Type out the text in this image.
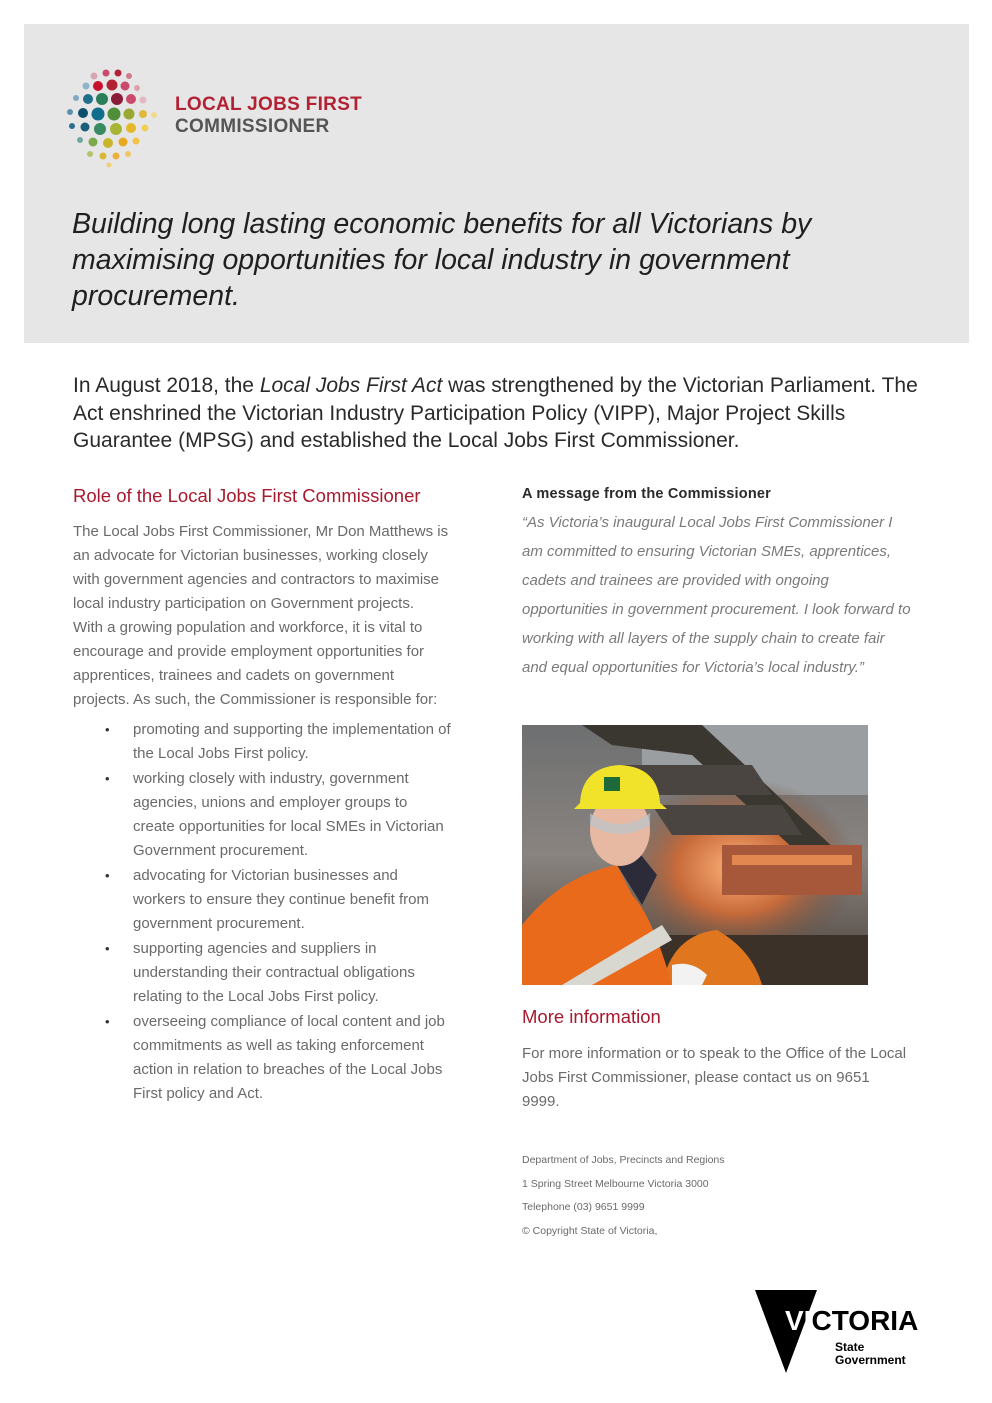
LOCAL JOBS FIRST
COMMISSIONER
Building long lasting economic benefits for all Victorians by maximising opportunities for local industry in government procurement.

In August 2018, the Local Jobs First Act was strengthened by the Victorian Parliament. The Act enshrined the Victorian Industry Participation Policy (VIPP), Major Project Skills Guarantee (MPSG) and established the Local Jobs First Commissioner.

Role of the Local Jobs First Commissioner

The Local Jobs First Commissioner, Mr Don Matthews is an advocate for Victorian businesses, working closely with government agencies and contractors to maximise local industry participation on Government projects.

With a growing population and workforce, it is vital to encourage and provide employment opportunities for apprentices, trainees and cadets on government projects. As such, the Commissioner is responsible for:

• promoting and supporting the implementation of the Local Jobs First policy.
• working closely with industry, government agencies, unions and employer groups to create opportunities for local SMEs in Victorian Government procurement.
• advocating for Victorian businesses and workers to ensure they continue benefit from government procurement.
• supporting agencies and suppliers in understanding their contractual obligations relating to the Local Jobs First policy.
• overseeing compliance of local content and job commitments as well as taking enforcement action in relation to breaches of the Local Jobs First policy and Act.
A message from the Commissioner

“As Victoria’s inaugural Local Jobs First Commissioner I am committed to ensuring Victorian SMEs, apprentices, cadets and trainees are provided with ongoing opportunities in government procurement. I look forward to working with all layers of the supply chain to create fair and equal opportunities for Victoria’s local industry.”

More information

For more information or to speak to the Office of the Local Jobs First Commissioner, please contact us on 9651 9999.

Department of Jobs, Precincts and Regions
1 Spring Street Melbourne Victoria 3000
Telephone (03) 9651 9999
© Copyright State of Victoria,
VICTORIA
State
Government
